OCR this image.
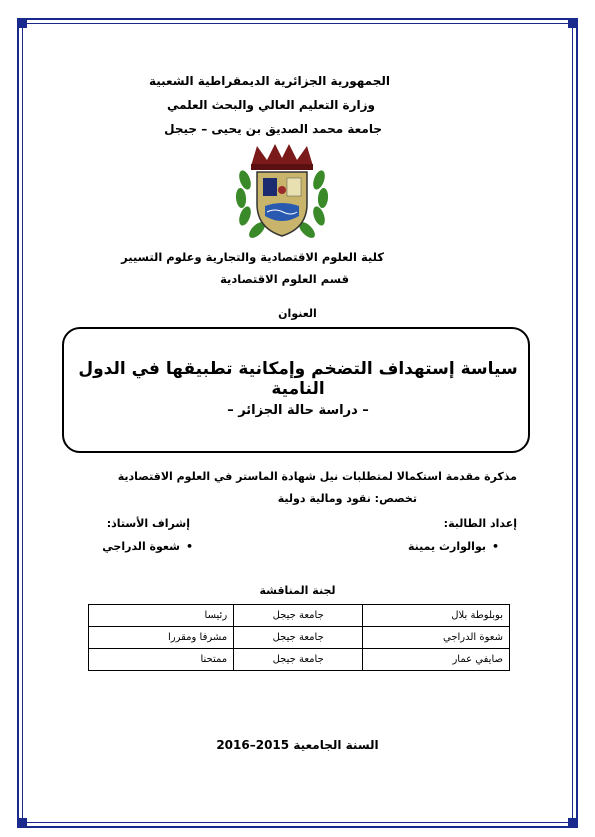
الجمهورية الجزائرية الديمقراطية الشعبية
وزارة التعليم العالي والبحث العلمي
جامعة محمد الصديق بن يحيى – جيجل
كلية العلوم الاقتصادية والتجارية وعلوم التسيير
قسم العلوم الاقتصادية
العنوان
سياسة إستهداف التضخم وإمكانية تطبيقها في الدول النامية
– دراسة حالة الجزائر –
مذكرة مقدمة استكمالا لمتطلبات نيل شهادة الماستر في العلوم الاقتصادية
تخصص: نقود ومالية دولية
إعداد الطالبة:
• بوالوارث يمينة
إشراف الأستاذ:
• شعوة الدراجي
لجنة المناقشة
بوبلوطة بلال	جامعة جيجل	رئيسا
شعوة الدراجي	جامعة جيجل	مشرفا ومقررا
صايفي عمار	جامعة جيجل	ممتحنا
السنة الجامعية 2015–2016
